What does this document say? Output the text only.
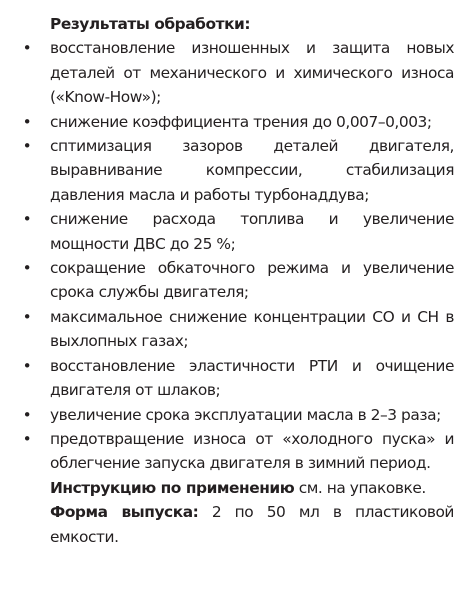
Результаты обработки:

• восстановление изношенных и защита новых деталей от механического и химического износа («Know-How»);
• снижение коэффициента трения до 0,007–0,003;
• сптимизация зазоров деталей двигателя, выравнивание компрессии, стабилизация давления масла и работы турбонаддува;
• снижение расхода топлива и увеличение мощности ДВС до 25 %;
• сокращение обкаточного режима и увеличение срока службы двигателя;
• максимальное снижение концентрации CO и CH в выхлопных газах;
• восстановление эластичности РТИ и очищение двигателя от шлаков;
• увеличение срока эксплуатации масла в 2–3 раза;
• предотвращение износа от «холодного пуска» и облегчение запуска двигателя в зимний период.

Инструкцию по применению см. на упаковке.

Форма выпуска: 2 по 50 мл в пластиковой емкости.
